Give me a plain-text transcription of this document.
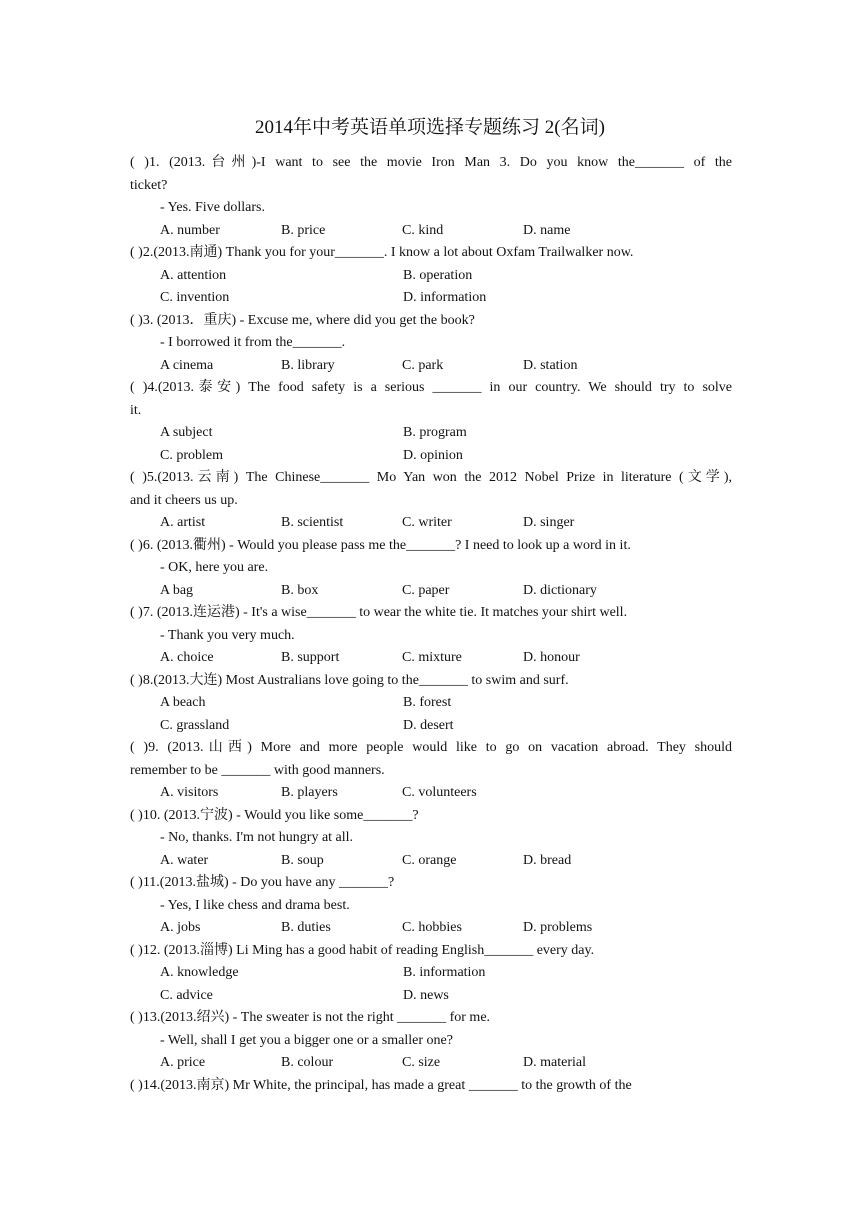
2014年中考英语单项选择专题练习 2(名词)
( )1. (2013.台州)-I want to see the movie Iron Man 3. Do you know the_______ of the
ticket?
- Yes. Five dollars.
A. number	B. price	C. kind	D. name
( )2.(2013.南通) Thank you for your_______. I know a lot about Oxfam Trailwalker now.
A. attention	B. operation
C. invention	D. information
( )3. (2013．重庆) - Excuse me, where did you get the book?
- I borrowed it from the_______.
A cinema	B. library	C. park	D. station
( )4.(2013.泰安) The food safety is a serious _______ in our country. We should try to solve
it.
A subject	B. program
C. problem	D. opinion
( )5.(2013.云南) The Chinese_______ Mo Yan won the 2012 Nobel Prize in literature (文学),
and it cheers us up.
A. artist	B. scientist	C. writer	D. singer
( )6. (2013.衢州) - Would you please pass me the_______? I need to look up a word in it.
- OK, here you are.
A bag	B. box	C. paper	D. dictionary
( )7. (2013.连运港) - It's a wise_______ to wear the white tie. It matches your shirt well.
- Thank you very much.
A. choice	B. support	C. mixture	D. honour
( )8.(2013.大连) Most Australians love going to the_______ to swim and surf.
A beach	B. forest
C. grassland	D. desert
( )9. (2013.山西) More and more people would like to go on vacation abroad. They should
remember to be _______ with good manners.
A. visitors	B. players	C. volunteers
( )10. (2013.宁波) - Would you like some_______?
- No, thanks. I'm not hungry at all.
A. water	B. soup	C. orange	D. bread
( )11.(2013.盐城) - Do you have any _______?
- Yes, I like chess and drama best.
A. jobs	B. duties	C. hobbies	D. problems
( )12. (2013.淄博) Li Ming has a good habit of reading English_______ every day.
A. knowledge	B. information
C. advice	D. news
( )13.(2013.绍兴) - The sweater is not the right _______ for me.
- Well, shall I get you a bigger one or a smaller one?
A. price	B. colour	C. size	D. material
( )14.(2013.南京) Mr White, the principal, has made a great _______ to the growth of the
